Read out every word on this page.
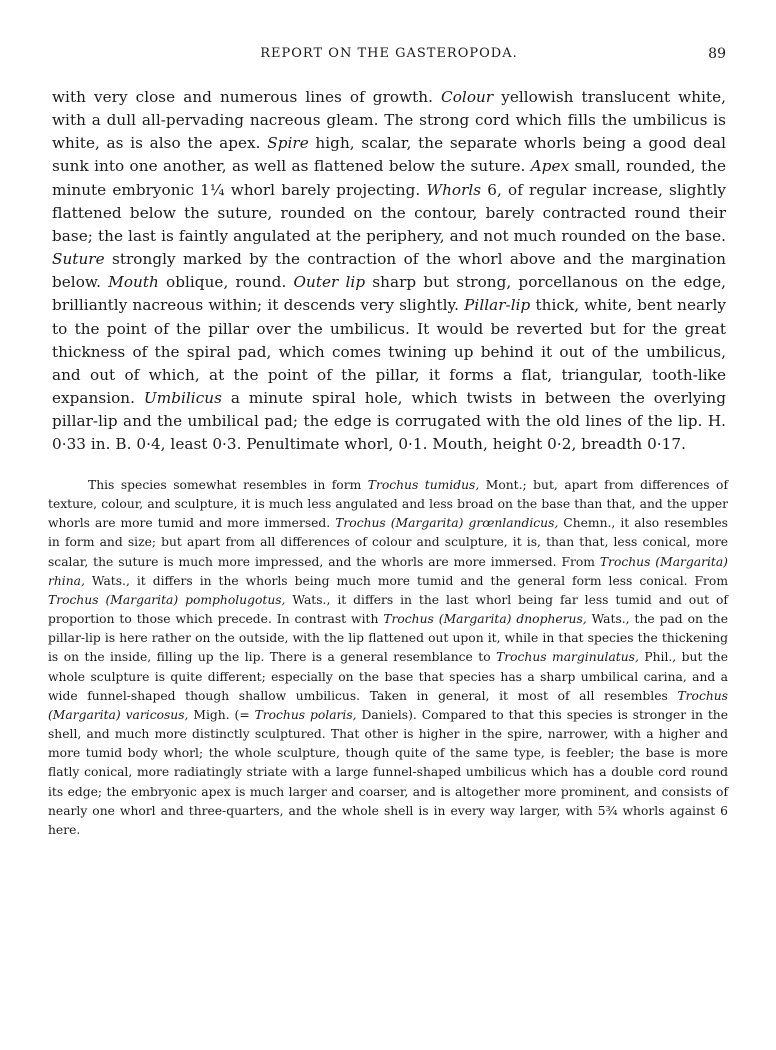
REPORT ON THE GASTEROPODA.	89

with very close and numerous lines of growth. Colour yellowish translucent white, with a dull all-pervading nacreous gleam. The strong cord which fills the umbilicus is white, as is also the apex. Spire high, scalar, the separate whorls being a good deal sunk into one another, as well as flattened below the suture. Apex small, rounded, the minute embryonic 1¼ whorl barely projecting. Whorls 6, of regular increase, slightly flattened below the suture, rounded on the contour, barely contracted round their base; the last is faintly angulated at the periphery, and not much rounded on the base. Suture strongly marked by the contraction of the whorl above and the margination below. Mouth oblique, round. Outer lip sharp but strong, porcellanous on the edge, brilliantly nacreous within; it descends very slightly. Pillar-lip thick, white, bent nearly to the point of the pillar over the umbilicus. It would be reverted but for the great thickness of the spiral pad, which comes twining up behind it out of the umbilicus, and out of which, at the point of the pillar, it forms a flat, triangular, tooth-like expansion. Umbilicus a minute spiral hole, which twists in between the overlying pillar-lip and the umbilical pad; the edge is corrugated with the old lines of the lip. H. 0·33 in. B. 0·4, least 0·3. Penultimate whorl, 0·1. Mouth, height 0·2, breadth 0·17.

This species somewhat resembles in form Trochus tumidus, Mont.; but, apart from differences of texture, colour, and sculpture, it is much less angulated and less broad on the base than that, and the upper whorls are more tumid and more immersed. Trochus (Margarita) grœnlandicus, Chemn., it also resembles in form and size; but apart from all differences of colour and sculpture, it is, than that, less conical, more scalar, the suture is much more impressed, and the whorls are more immersed. From Trochus (Margarita) rhina, Wats., it differs in the whorls being much more tumid and the general form less conical. From Trochus (Margarita) pompholugotus, Wats., it differs in the last whorl being far less tumid and out of proportion to those which precede. In contrast with Trochus (Margarita) dnopherus, Wats., the pad on the pillar-lip is here rather on the outside, with the lip flattened out upon it, while in that species the thickening is on the inside, filling up the lip. There is a general resemblance to Trochus marginulatus, Phil., but the whole sculpture is quite different; especially on the base that species has a sharp umbilical carina, and a wide funnel-shaped though shallow umbilicus. Taken in general, it most of all resembles Trochus (Margarita) varicosus, Migh. (= Trochus polaris, Daniels). Compared to that this species is stronger in the shell, and much more distinctly sculptured. That other is higher in the spire, narrower, with a higher and more tumid body whorl; the whole sculpture, though quite of the same type, is feebler; the base is more flatly conical, more radiatingly striate with a large funnel-shaped umbilicus which has a double cord round its edge; the embryonic apex is much larger and coarser, and is altogether more prominent, and consists of nearly one whorl and three-quarters, and the whole shell is in every way larger, with 5¾ whorls against 6 here.
